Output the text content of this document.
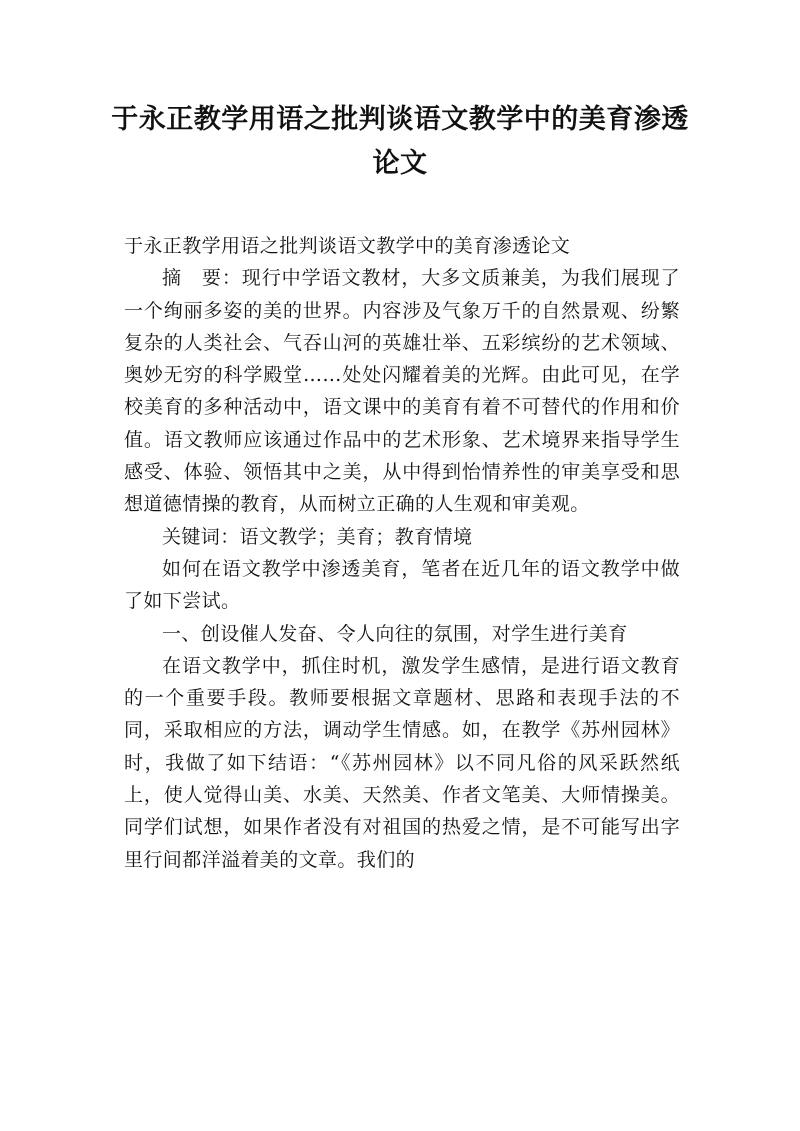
于永正教学用语之批判谈语文教学中的美育渗透论文

于永正教学用语之批判谈语文教学中的美育渗透论文

摘　要：现行中学语文教材，大多文质兼美，为我们展现了一个绚丽多姿的美的世界。内容涉及气象万千的自然景观、纷繁复杂的人类社会、气吞山河的英雄壮举、五彩缤纷的艺术领域、奥妙无穷的科学殿堂……处处闪耀着美的光辉。由此可见，在学校美育的多种活动中，语文课中的美育有着不可替代的作用和价值。语文教师应该通过作品中的艺术形象、艺术境界来指导学生感受、体验、领悟其中之美，从中得到怡情养性的审美享受和思想道德情操的教育，从而树立正确的人生观和审美观。

关键词：语文教学；美育；教育情境

如何在语文教学中渗透美育，笔者在近几年的语文教学中做了如下尝试。

一、创设催人发奋、令人向往的氛围，对学生进行美育

在语文教学中，抓住时机，激发学生感情，是进行语文教育的一个重要手段。教师要根据文章题材、思路和表现手法的不同，采取相应的方法，调动学生情感。如，在教学《苏州园林》时，我做了如下结语：“《苏州园林》以不同凡俗的风采跃然纸上，使人觉得山美、水美、天然美、作者文笔美、大师情操美。同学们试想，如果作者没有对祖国的热爱之情，是不可能写出字里行间都洋溢着美的文章。我们的
